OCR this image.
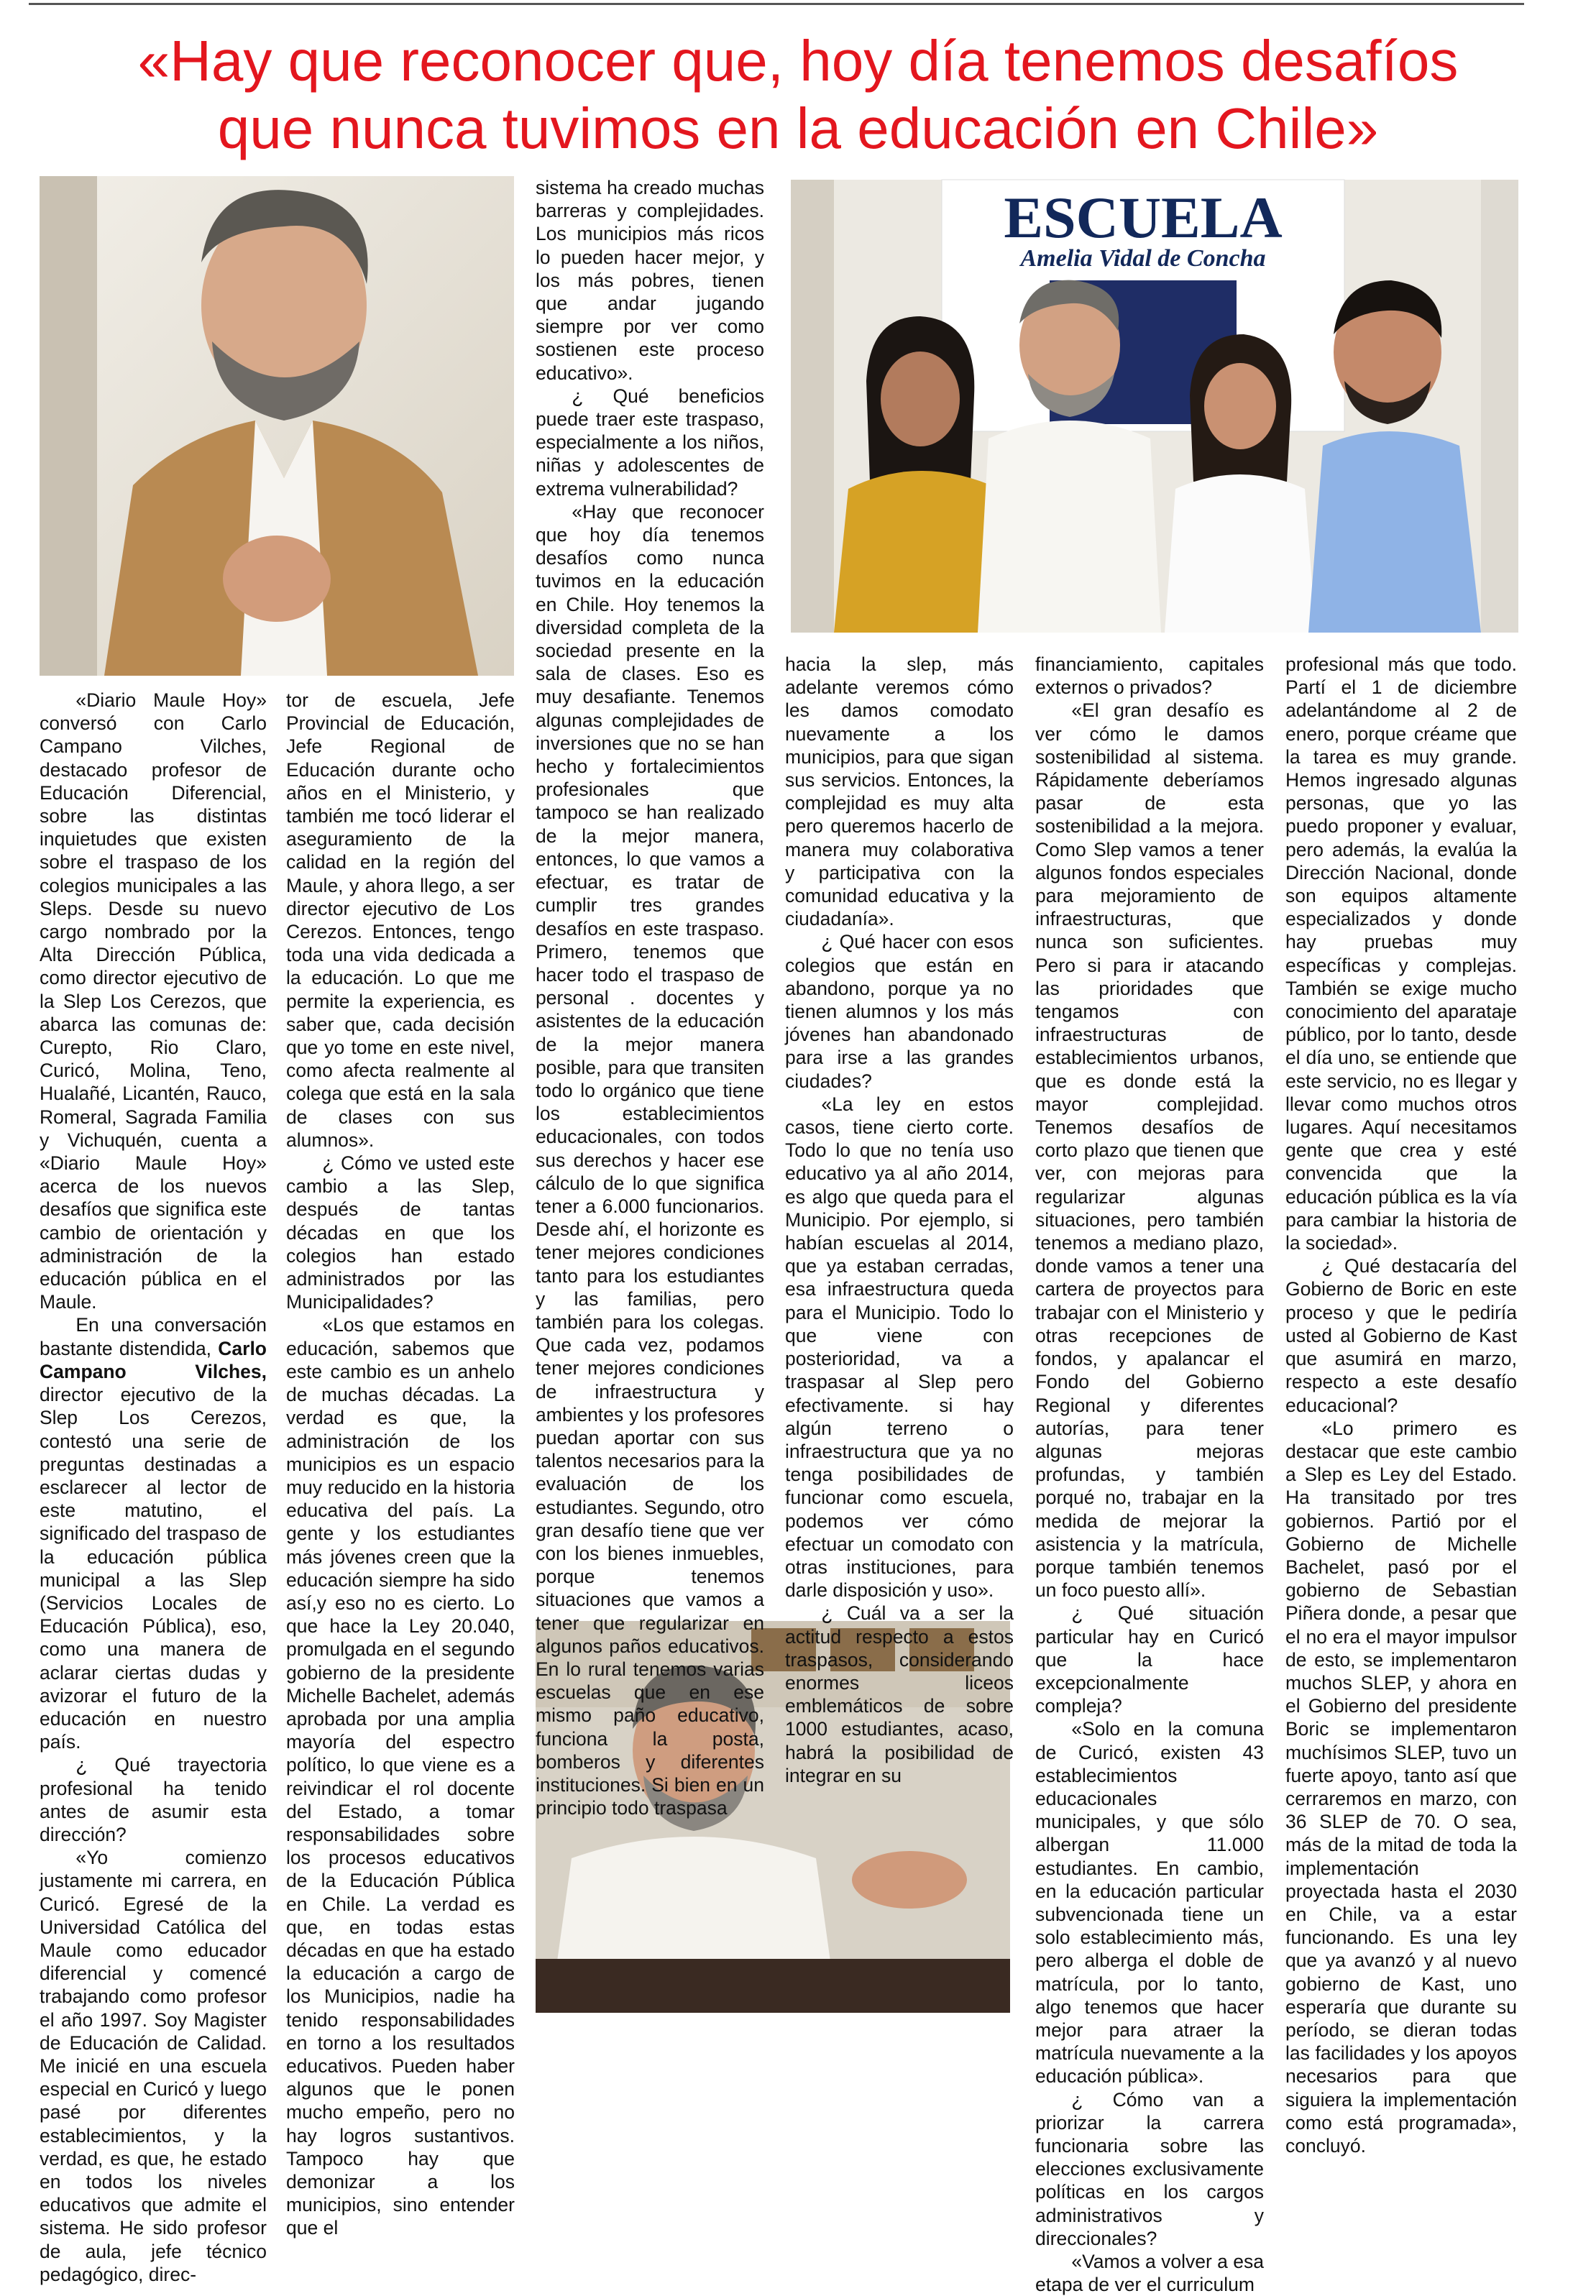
«Hay que reconocer que, hoy día tenemos desafíos
que nunca tuvimos en la educación en Chile»
ESCUELA
Amelia Vidal de Concha

«Diario Maule Hoy» conversó con Carlo Campano Vilches, destacado profesor de Educación Diferencial, sobre las distintas inquietudes que existen sobre el traspaso de los colegios municipales a las Sleps. Desde su nuevo cargo nombrado por la Alta Dirección Pública, como director ejecutivo de la Slep Los Cerezos, que abarca las comunas de: Curepto, Rio Claro, Curicó, Molina, Teno, Hualañé, Licantén, Rauco, Romeral, Sagrada Familia y Vichuquén, cuenta a «Diario Maule Hoy» acerca de los nuevos desafíos que significa este cambio de orientación y administración de la educación pública en el Maule.

En una conversación bastante distendida, Carlo Campano Vilches, director ejecutivo de la Slep Los Cerezos, contestó una serie de preguntas destinadas a esclarecer al lector de este matutino, el significado del traspaso de la educación pública municipal a las Slep (Servicios Locales de Educación Pública), eso, como una manera de aclarar ciertas dudas y avizorar el futuro de la educación en nuestro país.

¿ Qué trayectoria profesional ha tenido antes de asumir esta dirección?

«Yo comienzo justamente mi carrera, en Curicó. Egresé de la Universidad Católica del Maule como educador diferencial y comencé trabajando como profesor el año 1997. Soy Magister de Educación de Calidad. Me inicié en una escuela especial en Curicó y luego pasé por diferentes establecimientos, y la verdad, es que, he estado en todos los niveles educativos que admite el sistema. He sido profesor de aula, jefe técnico pedagógico, direc-

tor de escuela, Jefe Provincial de Educación, Jefe Regional de Educación durante ocho años en el Ministerio, y también me tocó liderar el aseguramiento de la calidad en la región del Maule, y ahora llego, a ser director ejecutivo de Los Cerezos. Entonces, tengo toda una vida dedicada a la educación. Lo que me permite la experiencia, es saber que, cada decisión que yo tome en este nivel, como afecta realmente al colega que está en la sala de clases con sus alumnos».

¿ Cómo ve usted este cambio a las Slep, después de tantas décadas en que los colegios han estado administrados por las Municipalidades?

«Los que estamos en educación, sabemos que este cambio es un anhelo de muchas décadas. La verdad es que, la administración de los municipios es un espacio muy reducido en la historia educativa del país. La gente y los estudiantes más jóvenes creen que la educación siempre ha sido así,y eso no es cierto. Lo que hace la Ley 20.040, promulgada en el segundo gobierno de la presidente Michelle Bachelet, además aprobada por una amplia mayoría del espectro político, lo que viene es a reivindicar el rol docente del Estado, a tomar responsabilidades sobre los procesos educativos de la Educación Pública en Chile. La verdad es que, en todas estas décadas en que ha estado la educación a cargo de los Municipios, nadie ha tenido responsabilidades en torno a los resultados educativos. Pueden haber algunos que le ponen mucho empeño, pero no hay logros sustantivos. Tampoco hay que demonizar a los municipios, sino entender que el

sistema ha creado muchas barreras y complejidades. Los municipios más ricos lo pueden hacer mejor, y los más pobres, tienen que andar jugando siempre por ver como sostienen este proceso educativo».

¿ Qué beneficios puede traer este traspaso, especialmente a los niños, niñas y adolescentes de extrema vulnerabilidad?

«Hay que reconocer que hoy día tenemos desafíos como nunca tuvimos en la educación en Chile. Hoy tenemos la diversidad completa de la sociedad presente en la sala de clases. Eso es muy desafiante. Tenemos algunas complejidades de inversiones que no se han hecho y fortalecimientos profesionales que tampoco se han realizado de la mejor manera, entonces, lo que vamos a efectuar, es tratar de cumplir tres grandes desafíos en este traspaso. Primero, tenemos que hacer todo el traspaso de personal . docentes y asistentes de la educación de la mejor manera posible, para que transiten todo lo orgánico que tiene los establecimientos educacionales, con todos sus derechos y hacer ese cálculo de lo que significa tener a 6.000 funcionarios. Desde ahí, el horizonte es tener mejores condiciones tanto para los estudiantes y las familias, pero también para los colegas. Que cada vez, podamos tener mejores condiciones de infraestructura y ambientes y los profesores puedan aportar con sus talentos necesarios para la evaluación de los estudiantes. Segundo, otro gran desafío tiene que ver con los bienes inmuebles, porque tenemos situaciones que vamos a tener que regularizar en algunos paños educativos. En lo rural tenemos varias escuelas que en ese mismo paño educativo, funciona la posta, bomberos y diferentes instituciones. Si bien en un principio todo traspasa

hacia la slep, más adelante veremos cómo les damos comodato nuevamente a los municipios, para que sigan sus servicios. Entonces, la complejidad es muy alta pero queremos hacerlo de manera muy colaborativa y participativa con la comunidad educativa y la ciudadanía».

¿ Qué hacer con esos colegios que están en abandono, porque ya no tienen alumnos y los más jóvenes han abandonado para irse a las grandes ciudades?

«La ley en estos casos, tiene cierto corte. Todo lo que no tenía uso educativo ya al año 2014, es algo que queda para el Municipio. Por ejemplo, si habían escuelas al 2014, que ya estaban cerradas, esa infraestructura queda para el Municipio. Todo lo que viene con posterioridad, va a traspasar al Slep pero efectivamente. si hay algún terreno o infraestructura que ya no tenga posibilidades de funcionar como escuela, podemos ver cómo efectuar un comodato con otras instituciones, para darle disposición y uso».

¿ Cuál va a ser la actitud respecto a estos traspasos, considerando enormes liceos emblemáticos de sobre 1000 estudiantes, acaso, habrá la posibilidad de integrar en su

financiamiento, capitales externos o privados?

«El gran desafío es ver cómo le damos sostenibilidad al sistema. Rápidamente deberíamos pasar de esta sostenibilidad a la mejora. Como Slep vamos a tener algunos fondos especiales para mejoramiento de infraestructuras, que nunca son suficientes. Pero si para ir atacando las prioridades que tengamos con infraestructuras de establecimientos urbanos, que es donde está la mayor complejidad. Tenemos desafíos de corto plazo que tienen que ver, con mejoras para regularizar algunas situaciones, pero también tenemos a mediano plazo, donde vamos a tener una cartera de proyectos para trabajar con el Ministerio y otras recepciones de fondos, y apalancar el Fondo del Gobierno Regional y diferentes autorías, para tener algunas mejoras profundas, y también porqué no, trabajar en la medida de mejorar la asistencia y la matrícula, porque también tenemos un foco puesto allí».

¿ Qué situación particular hay en Curicó que la hace excepcionalmente compleja?

«Solo en la comuna de Curicó, existen 43 establecimientos educacionales municipales, y que sólo albergan 11.000 estudiantes. En cambio, en la educación particular subvencionada tiene un solo establecimiento más, pero alberga el doble de matrícula, por lo tanto, algo tenemos que hacer mejor para atraer la matrícula nuevamente a la educación pública».

¿ Cómo van a priorizar la carrera funcionaria sobre las elecciones exclusivamente políticas en los cargos administrativos y direccionales?

«Vamos a volver a esa etapa de ver el curriculum

profesional más que todo. Partí el 1 de diciembre adelantándome al 2 de enero, porque créame que la tarea es muy grande. Hemos ingresado algunas personas, que yo las puedo proponer y evaluar, pero además, la evalúa la Dirección Nacional, donde son equipos altamente especializados y donde hay pruebas muy específicas y complejas. También se exige mucho conocimiento del aparataje público, por lo tanto, desde el día uno, se entiende que este servicio, no es llegar y llevar como muchos otros lugares. Aquí necesitamos gente que crea y esté convencida que la educación pública es la vía para cambiar la historia de la sociedad».

¿ Qué destacaría del Gobierno de Boric en este proceso y que le pediría usted al Gobierno de Kast que asumirá en marzo, respecto a este desafío educacional?

«Lo primero es destacar que este cambio a Slep es Ley del Estado. Ha transitado por tres gobiernos. Partió por el Gobierno de Michelle Bachelet, pasó por el gobierno de Sebastian Piñera donde, a pesar que el no era el mayor impulsor de esto, se implementaron muchos SLEP, y ahora en el Gobierno del presidente Boric se implementaron muchísimos SLEP, tuvo un fuerte apoyo, tanto así que cerraremos en marzo, con 36 SLEP de 70. O sea, más de la mitad de toda la implementación proyectada hasta el 2030 en Chile, va a estar funcionando. Es una ley que ya avanzó y al nuevo gobierno de Kast, uno esperaría que durante su período, se dieran todas las facilidades y los apoyos necesarios para que siguiera la implementación como está programada», concluyó.
